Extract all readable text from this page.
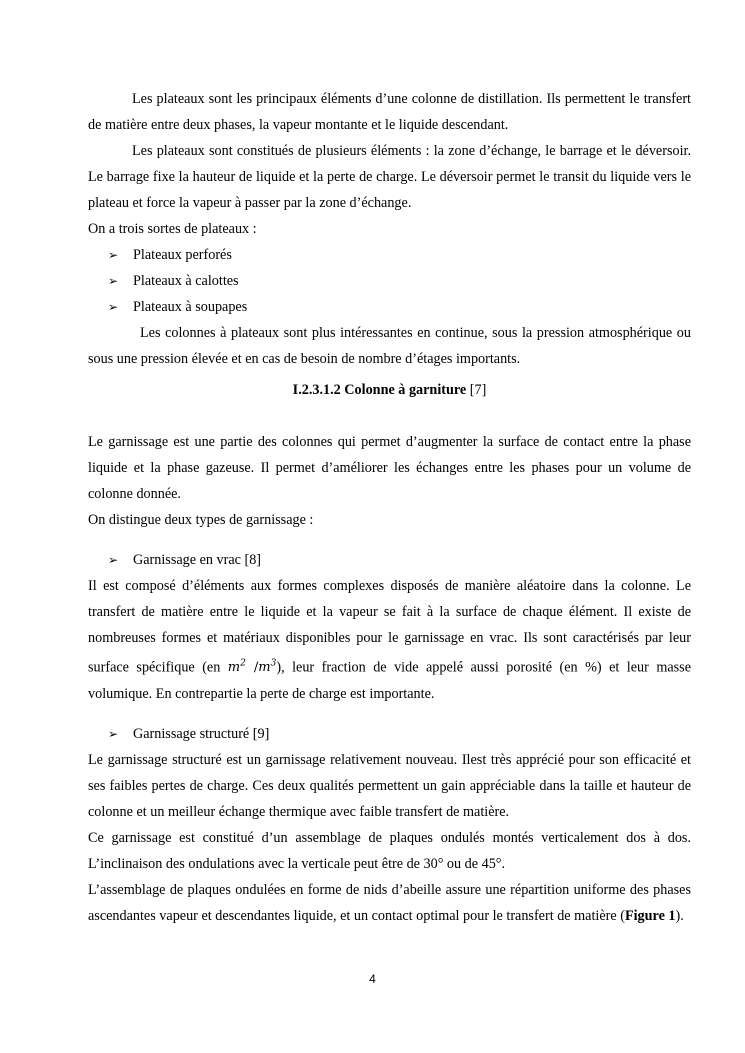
Les plateaux sont les principaux éléments d’une colonne de distillation. Ils permettent le transfert de matière entre deux phases, la vapeur montante et le liquide descendant.

Les plateaux sont constitués de plusieurs éléments : la zone d’échange, le barrage et le déversoir. Le barrage fixe la hauteur de liquide et la perte de charge. Le déversoir permet le transit du liquide vers le plateau et force la vapeur à passer par la zone d’échange.

On a trois sortes de plateaux :

➢ Plateaux perforés
➢ Plateaux à calottes
➢ Plateaux à soupapes

Les colonnes à plateaux sont plus intéressantes en continue, sous la pression atmosphérique ou sous une pression élevée et en cas de besoin de nombre d’étages importants.

I.2.3.1.2 Colonne à garniture [7]

Le garnissage est une partie des colonnes qui permet d’augmenter la surface de contact entre la phase liquide et la phase gazeuse. Il permet d’améliorer les échanges entre les phases pour un volume de colonne donnée.

On distingue deux types de garnissage :

➢ Garnissage en vrac [8]

Il est composé d’éléments aux formes complexes disposés de manière aléatoire dans la colonne. Le transfert de matière entre le liquide et la vapeur se fait à la surface de chaque élément. Il existe de nombreuses formes et matériaux disponibles pour le garnissage en vrac. Ils sont caractérisés par leur surface spécifique (en $m^2$ $/m^3$), leur fraction de vide appelé aussi porosité (en %) et leur masse volumique. En contrepartie la perte de charge est importante.

➢ Garnissage structuré [9]

Le garnissage structuré est un garnissage relativement nouveau. Ilest très apprécié pour son efficacité et ses faibles pertes de charge. Ces deux qualités permettent un gain appréciable dans la taille et hauteur de colonne et un meilleur échange thermique avec faible transfert de matière.

Ce garnissage est constitué d’un assemblage de plaques ondulés montés verticalement dos à dos. L’inclinaison des ondulations avec la verticale peut être de 30° ou de 45°.

L’assemblage de plaques ondulées en forme de nids d’abeille assure une répartition uniforme des phases ascendantes vapeur et descendantes liquide, et un contact optimal pour le transfert de matière (Figure 1).

4
